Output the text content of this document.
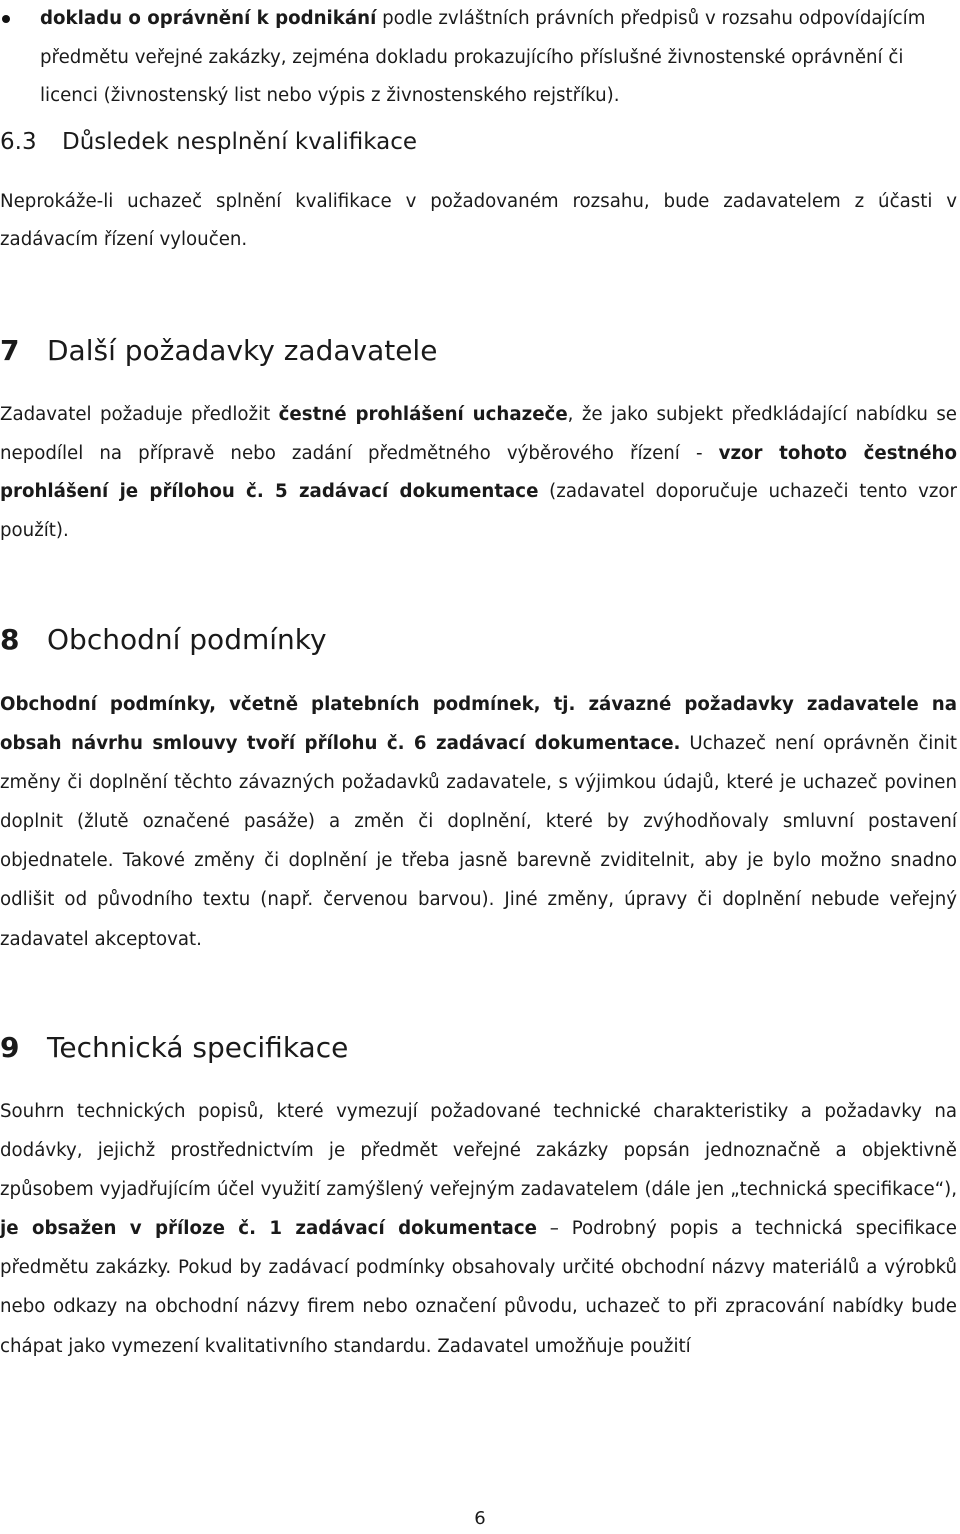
dokladu o oprávnění k podnikání podle zvláštních právních předpisů v rozsahu odpovídajícím předmětu veřejné zakázky, zejména dokladu prokazujícího příslušné živnostenské oprávnění či licenci (živnostenský list nebo výpis z živnostenského rejstříku).

6.3 Důsledek nesplnění kvalifikace

Neprokáže-li uchazeč splnění kvalifikace v požadovaném rozsahu, bude zadavatelem z účasti v zadávacím řízení vyloučen.

7 Další požadavky zadavatele

Zadavatel požaduje předložit čestné prohlášení uchazeče, že jako subjekt předkládající nabídku se nepodílel na přípravě nebo zadání předmětného výběrového řízení - vzor tohoto čestného prohlášení je přílohou č. 5 zadávací dokumentace (zadavatel doporučuje uchazeči tento vzor použít).

8 Obchodní podmínky

Obchodní podmínky, včetně platebních podmínek, tj. závazné požadavky zadavatele na obsah návrhu smlouvy tvoří přílohu č. 6 zadávací dokumentace. Uchazeč není oprávněn činit změny či doplnění těchto závazných požadavků zadavatele, s výjimkou údajů, které je uchazeč povinen doplnit (žlutě označené pasáže) a změn či doplnění, které by zvýhodňovaly smluvní postavení objednatele. Takové změny či doplnění je třeba jasně barevně zviditelnit, aby je bylo možno snadno odlišit od původního textu (např. červenou barvou). Jiné změny, úpravy či doplnění nebude veřejný zadavatel akceptovat.

9 Technická specifikace

Souhrn technických popisů, které vymezují požadované technické charakteristiky a požadavky na dodávky, jejichž prostřednictvím je předmět veřejné zakázky popsán jednoznačně a objektivně způsobem vyjadřujícím účel využití zamýšlený veřejným zadavatelem (dále jen „technická specifikace“), je obsažen v příloze č. 1 zadávací dokumentace – Podrobný popis a technická specifikace předmětu zakázky. Pokud by zadávací podmínky obsahovaly určité obchodní názvy materiálů a výrobků nebo odkazy na obchodní názvy firem nebo označení původu, uchazeč to při zpracování nabídky bude chápat jako vymezení kvalitativního standardu. Zadavatel umožňuje použití

6
